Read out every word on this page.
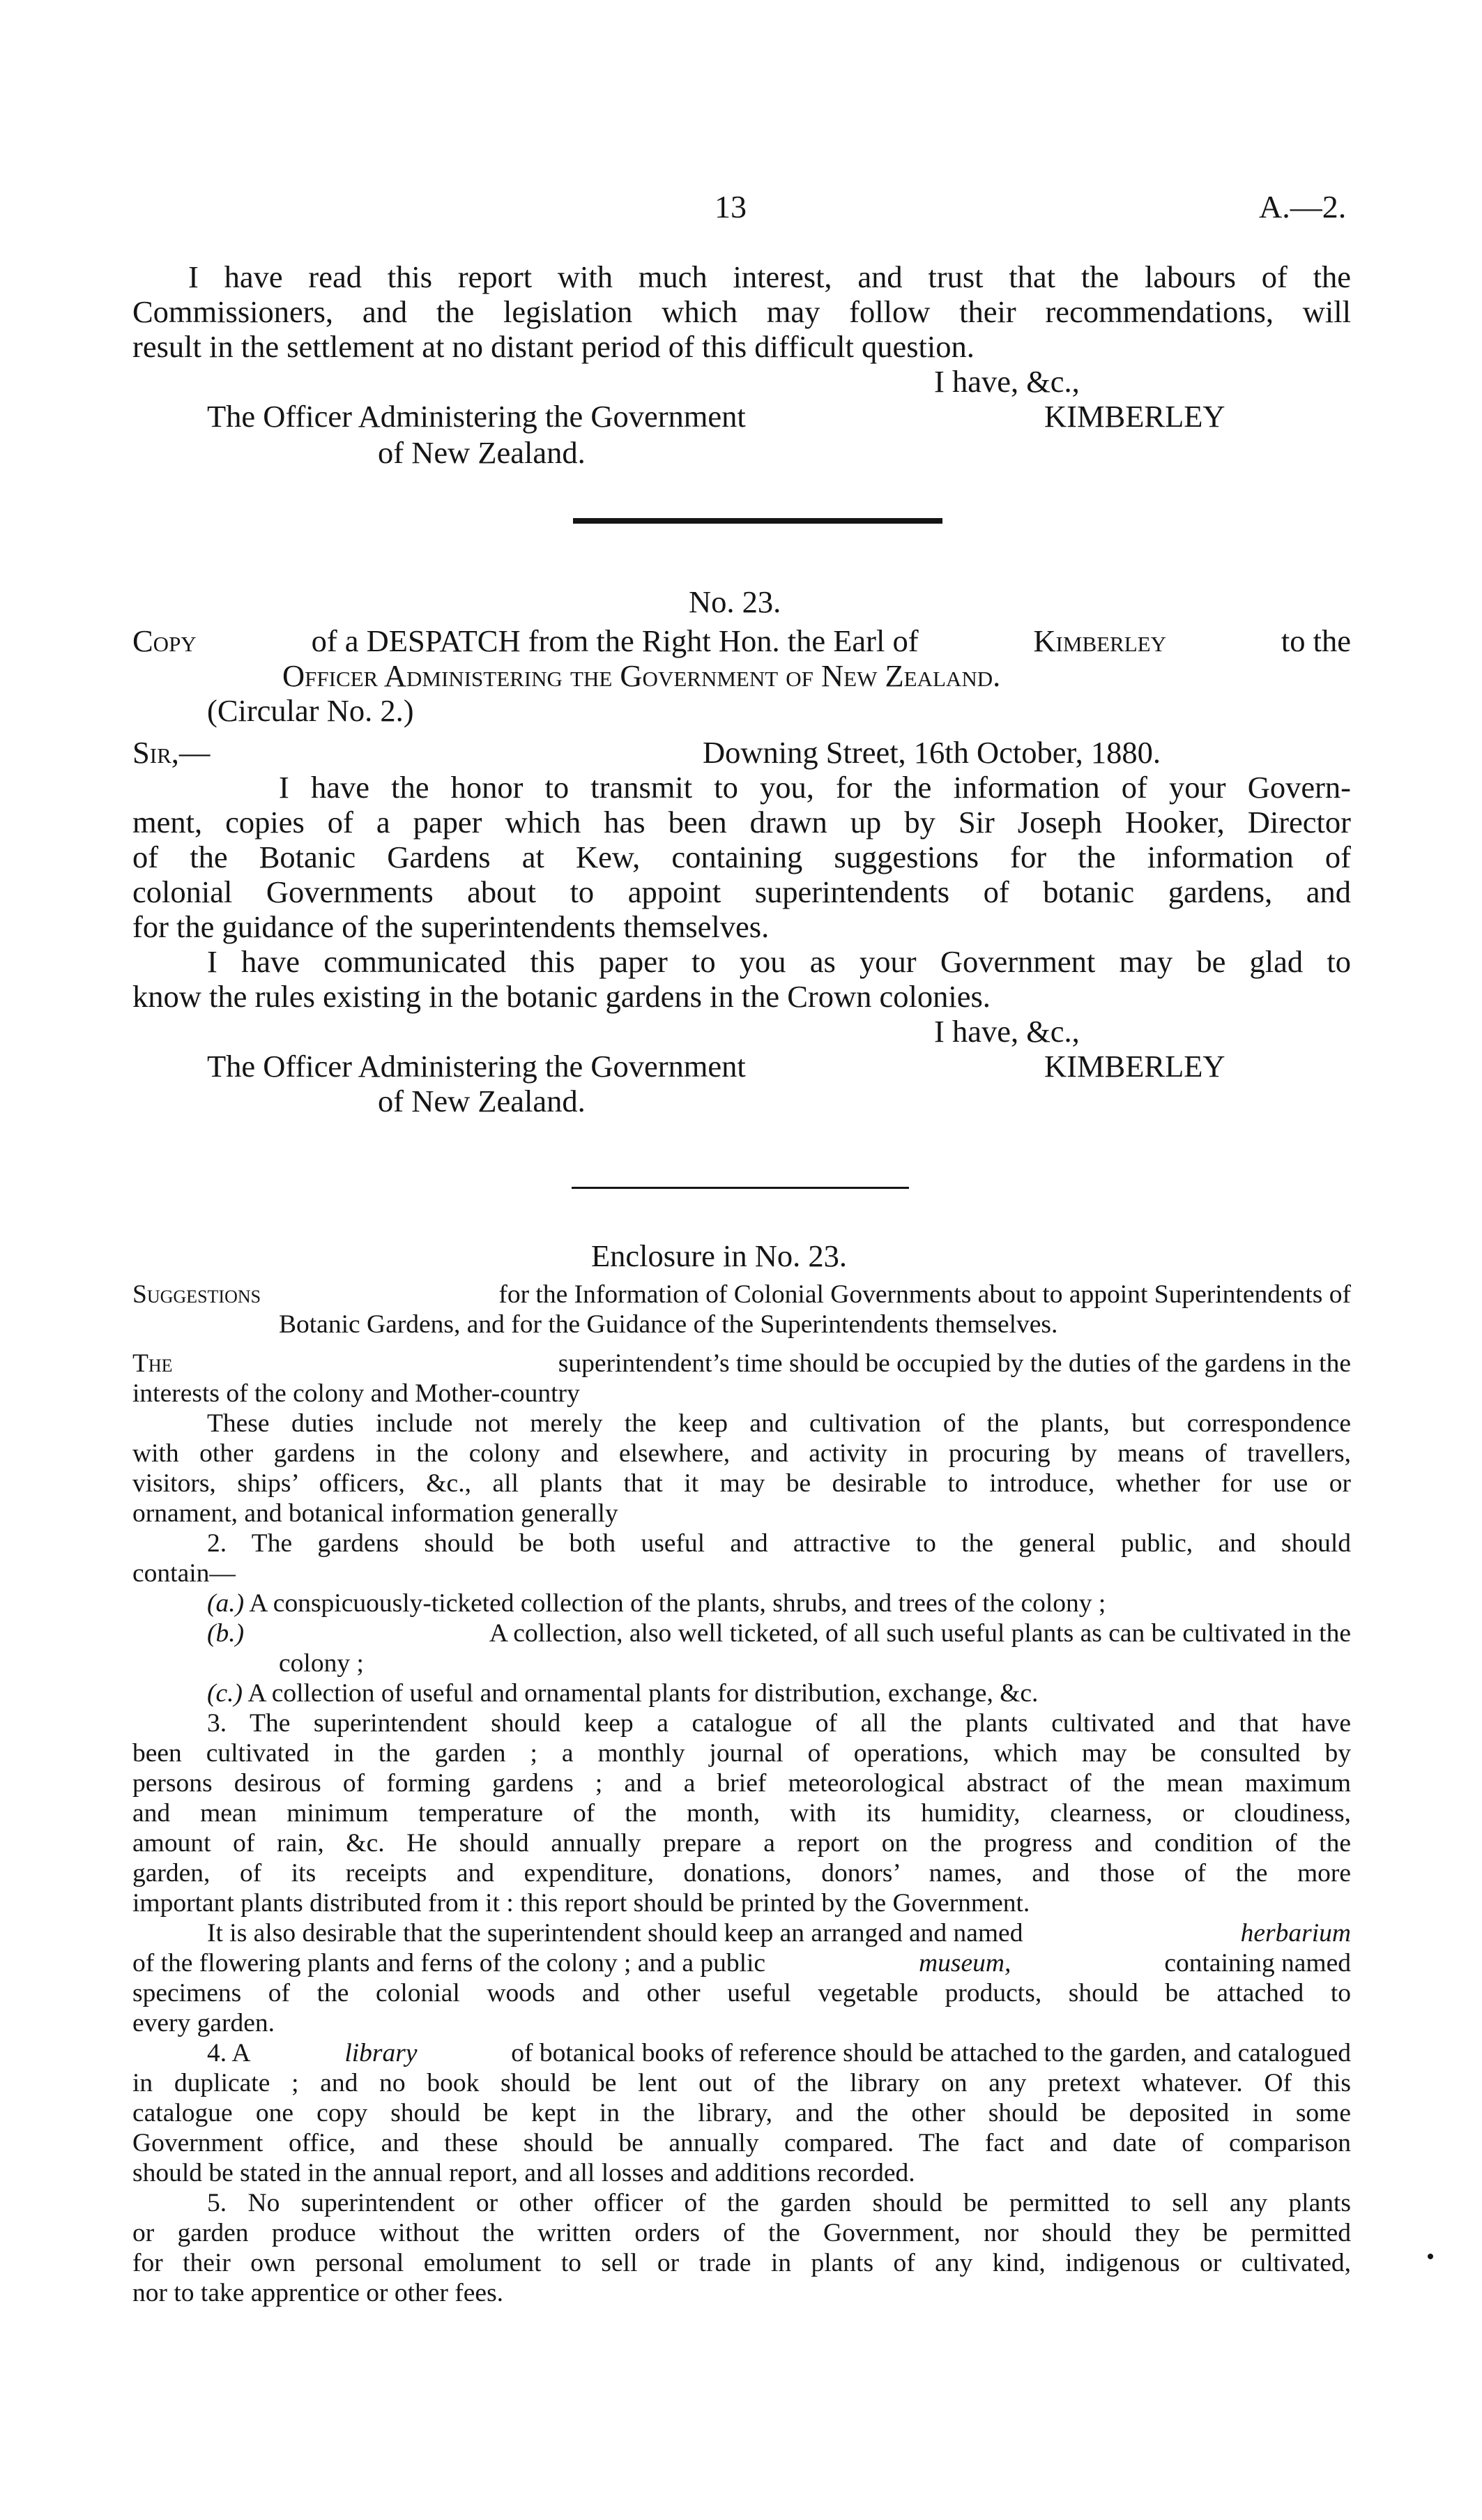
13	A.—2.
I have read this report with much interest, and trust that the labours of the
Commissioners, and the legislation which may follow their recommendations, will
result in the settlement at no distant period of this difficult question.
I have, &c.,
The Officer Administering the Government	KIMBERLEY
of New Zealand.
No. 23.
Copy	of a DESPATCH from the Right Hon. the Earl of	Kimberley	to the
Officer Administering the Government of New Zealand.
(Circular No. 2.)
Sir,—	Downing Street, 16th October, 1880.
I have the honor to transmit to you, for the information of your Govern-
ment, copies of a paper which has been drawn up by Sir Joseph Hooker, Director
of the Botanic Gardens at Kew, containing suggestions for the information of
colonial Governments about to appoint superintendents of botanic gardens, and
for the guidance of the superintendents themselves.
I have communicated this paper to you as your Government may be glad to
know the rules existing in the botanic gardens in the Crown colonies.
I have, &c.,
The Officer Administering the Government	KIMBERLEY
of New Zealand.
Enclosure in No. 23.
Suggestions	for the Information of Colonial Governments about to appoint Superintendents of
Botanic Gardens, and for the Guidance of the Superintendents themselves.
The	superintendent’s time should be occupied by the duties of the gardens in the
interests of the colony and Mother-country
These duties include not merely the keep and cultivation of the plants, but correspondence
with other gardens in the colony and elsewhere, and activity in procuring by means of travellers,
visitors, ships’ officers, &c., all plants that it may be desirable to introduce, whether for use or
ornament, and botanical information generally
2. The gardens should be both useful and attractive to the general public, and should
contain—
(a.) A conspicuously-ticketed collection of the plants, shrubs, and trees of the colony ;
(b.)	A collection, also well ticketed, of all such useful plants as can be cultivated in the
colony ;
(c.) A collection of useful and ornamental plants for distribution, exchange, &c.
3. The superintendent should keep a catalogue of all the plants cultivated and that have
been cultivated in the garden ; a monthly journal of operations, which may be consulted by
persons desirous of forming gardens ; and a brief meteorological abstract of the mean maximum
and mean minimum temperature of the month, with its humidity, clearness, or cloudiness,
amount of rain, &c. He should annually prepare a report on the progress and condition of the
garden, of its receipts and expenditure, donations, donors’ names, and those of the more
important plants distributed from it : this report should be printed by the Government.
It is also desirable that the superintendent should keep an arranged and named	herbarium
of the flowering plants and ferns of the colony ; and a public	museum,	containing named
specimens of the colonial woods and other useful vegetable products, should be attached to
every garden.
4. A	library	of botanical books of reference should be attached to the garden, and catalogued
in duplicate ; and no book should be lent out of the library on any pretext whatever. Of this
catalogue one copy should be kept in the library, and the other should be deposited in some
Government office, and these should be annually compared. The fact and date of comparison
should be stated in the annual report, and all losses and additions recorded.
5. No superintendent or other officer of the garden should be permitted to sell any plants
or garden produce without the written orders of the Government, nor should they be permitted
for their own personal emolument to sell or trade in plants of any kind, indigenous or cultivated,
nor to take apprentice or other fees.
